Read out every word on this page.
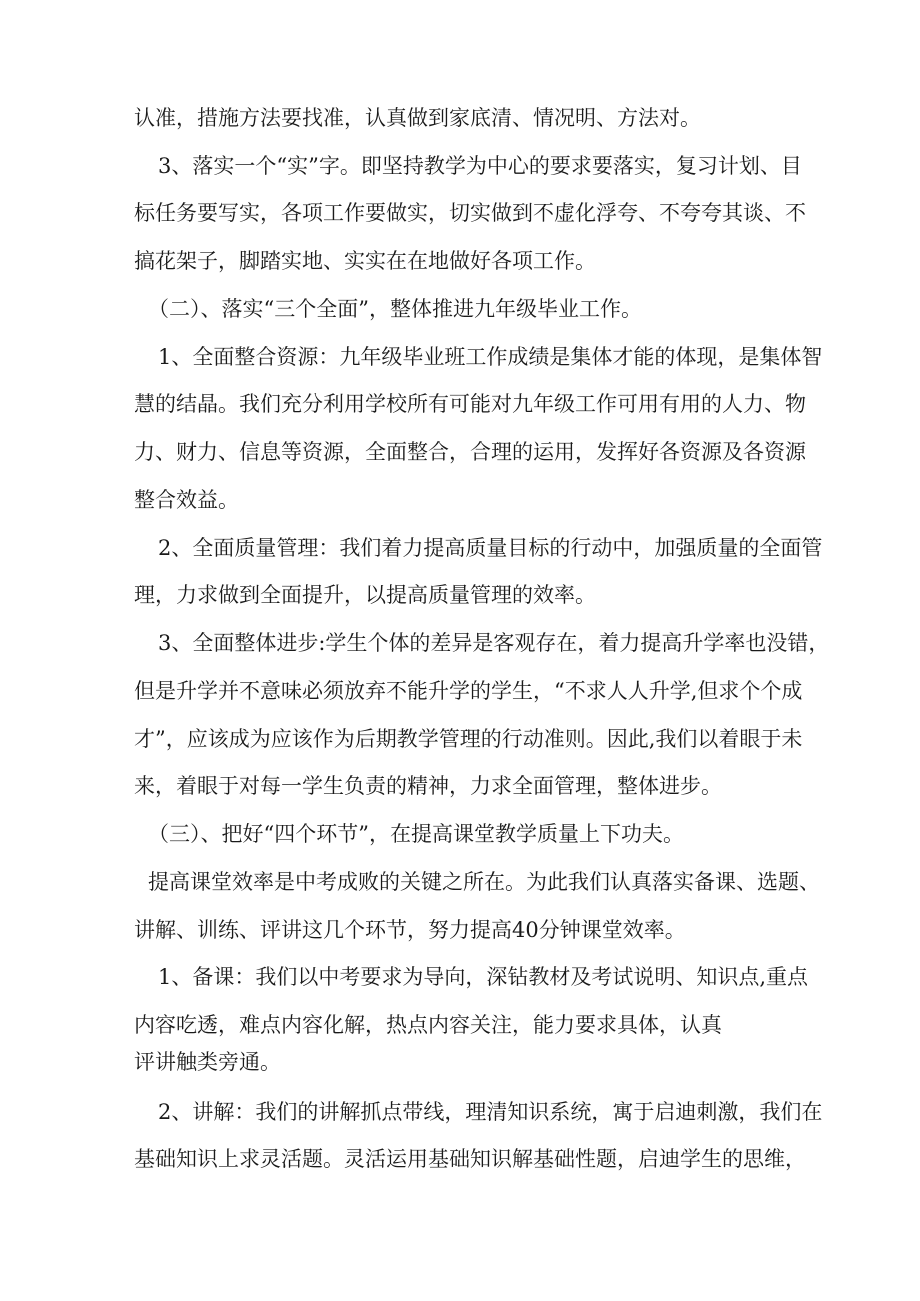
认准，措施方法要找准，认真做到家底清、情况明、方法对。

3、落实一个“实”字。即坚持教学为中心的要求要落实，复习计划、目

标任务要写实，各项工作要做实，切实做到不虚化浮夸、不夸夸其谈、不

搞花架子，脚踏实地、实实在在地做好各项工作。

（二）、落实“三个全面”，整体推进九年级毕业工作。

1、全面整合资源：九年级毕业班工作成绩是集体才能的体现，是集体智

慧的结晶。我们充分利用学校所有可能对九年级工作可用有用的人力、物

力、财力、信息等资源，全面整合，合理的运用，发挥好各资源及各资源

整合效益。

2、全面质量管理：我们着力提高质量目标的行动中，加强质量的全面管

理，力求做到全面提升，以提高质量管理的效率。

3、全面整体进步:学生个体的差异是客观存在，着力提高升学率也没错，

但是升学并不意味必须放弃不能升学的学生，“不求人人升学,但求个个成

才”，应该成为应该作为后期教学管理的行动准则。因此,我们以着眼于未

来，着眼于对每一学生负责的精神，力求全面管理，整体进步。

（三）、把好“四个环节”，在提高课堂教学质量上下功夫。

提高课堂效率是中考成败的关键之所在。为此我们认真落实备课、选题、

讲解、训练、评讲这几个环节，努力提高40分钟课堂效率。

1、备课：我们以中考要求为导向，深钻教材及考试说明、知识点,重点

内容吃透，难点内容化解，热点内容关注，能力要求具体，认真

评讲触类旁通。

2、讲解：我们的讲解抓点带线，理清知识系统，寓于启迪刺激，我们在

基础知识上求灵活题。灵活运用基础知识解基础性题，启迪学生的思维，
